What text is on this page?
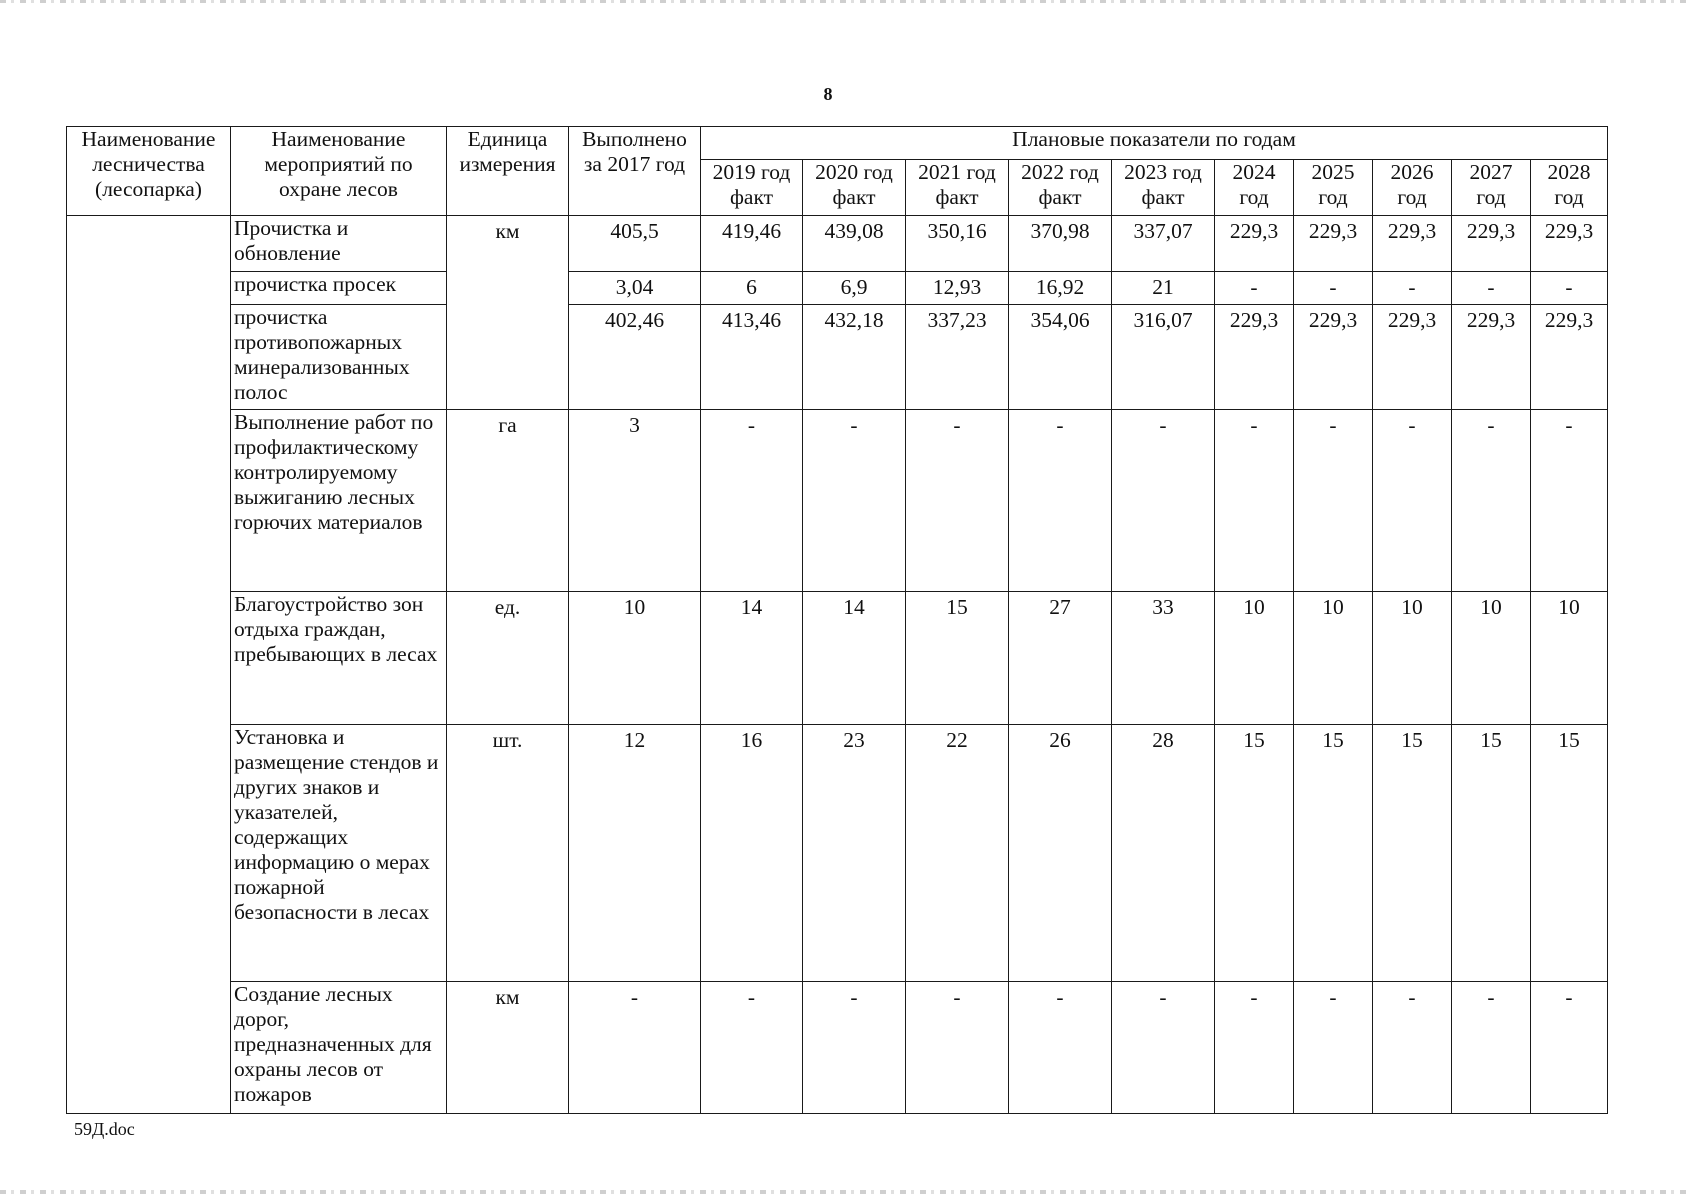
8
Наименование лесничества (лесопарка)	Наименование мероприятий по охране лесов	Единица измерения	Выполнено за 2017 год	Плановые показатели по годам									
				2019 год факт	2020 год факт	2021 год факт	2022 год факт	2023 год факт	2024 год	2025 год	2026 год	2027 год	2028 год
	Прочистка и обновление	км	405,5	419,46	439,08	350,16	370,98	337,07	229,3	229,3	229,3	229,3	229,3
	прочистка просек		3,04	6	6,9	12,93	16,92	21	-	-	-	-	-
	прочистка противопожарных минерализованных полос		402,46	413,46	432,18	337,23	354,06	316,07	229,3	229,3	229,3	229,3	229,3
	Выполнение работ по профилактическому контролируемому выжиганию лесных горючих материалов	га	3	-	-	-	-	-	-	-	-	-	-
	Благоустройство зон отдыха граждан, пребывающих в лесах	ед.	10	14	14	15	27	33	10	10	10	10	10
	Установка и размещение стендов и других знаков и указателей, содержащих информацию о мерах пожарной безопасности в лесах	шт.	12	16	23	22	26	28	15	15	15	15	15
	Создание лесных дорог, предназначенных для охраны лесов от пожаров	км	-	-	-	-	-	-	-	-	-	-	-
59Д.doc
